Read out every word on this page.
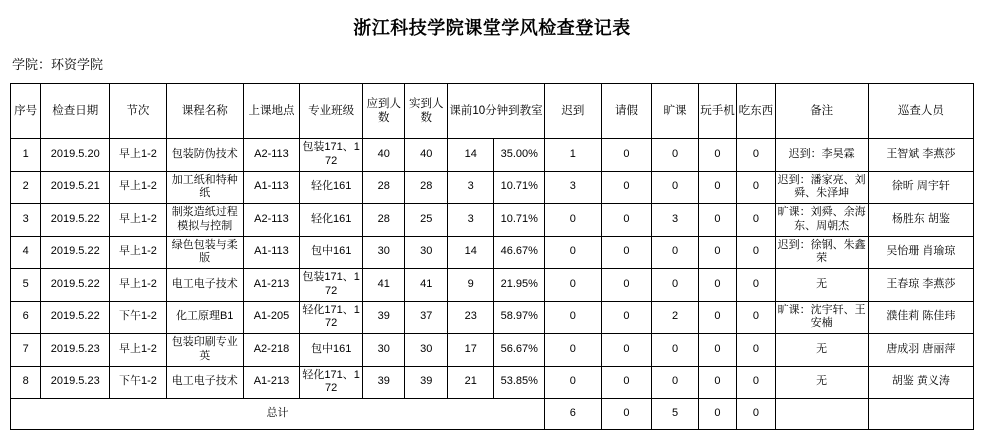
浙江科技学院课堂学风检查登记表
学院：环资学院
序号	检查日期	节次	课程名称	上课地点	专业班级	应到人数	实到人数	课前10分钟到教室		迟到	请假	旷课	玩手机	吃东西	备注	巡查人员
1	2019.5.20	早上1-2	包装防伪技术	A2-113	包装171、172	40	40	14	35.00%	1	0	0	0	0	迟到：李昊霖	王智斌 李燕莎
2	2019.5.21	早上1-2	加工纸和特种纸	A1-113	轻化161	28	28	3	10.71%	3	0	0	0	0	迟到：潘家亮、刘舜、朱泽坤	徐昕 周宇轩
3	2019.5.22	早上1-2	制浆造纸过程模拟与控制	A2-113	轻化161	28	25	3	10.71%	0	0	3	0	0	旷课：刘舜、余海东、周朝杰	杨胜东 胡鉴
4	2019.5.22	早上1-2	绿色包装与柔版	A1-113	包中161	30	30	14	46.67%	0	0	0	0	0	迟到：徐钢、朱鑫荣	吴怡珊 肖瑜琼
5	2019.5.22	早上1-2	电工电子技术	A1-213	包装171、172	41	41	9	21.95%	0	0	0	0	0	无	王春琼 李燕莎
6	2019.5.22	下午1-2	化工原理B1	A1-205	轻化171、172	39	37	23	58.97%	0	0	2	0	0	旷课：沈宇轩、王安楠	濮佳莉 陈佳玮
7	2019.5.23	早上1-2	包装印刷专业英	A2-218	包中161	30	30	17	56.67%	0	0	0	0	0	无	唐成羽 唐丽萍
8	2019.5.23	下午1-2	电工电子技术	A1-213	轻化171、172	39	39	21	53.85%	0	0	0	0	0	无	胡鉴 黄义涛
总计										6	0	5	0	0		
